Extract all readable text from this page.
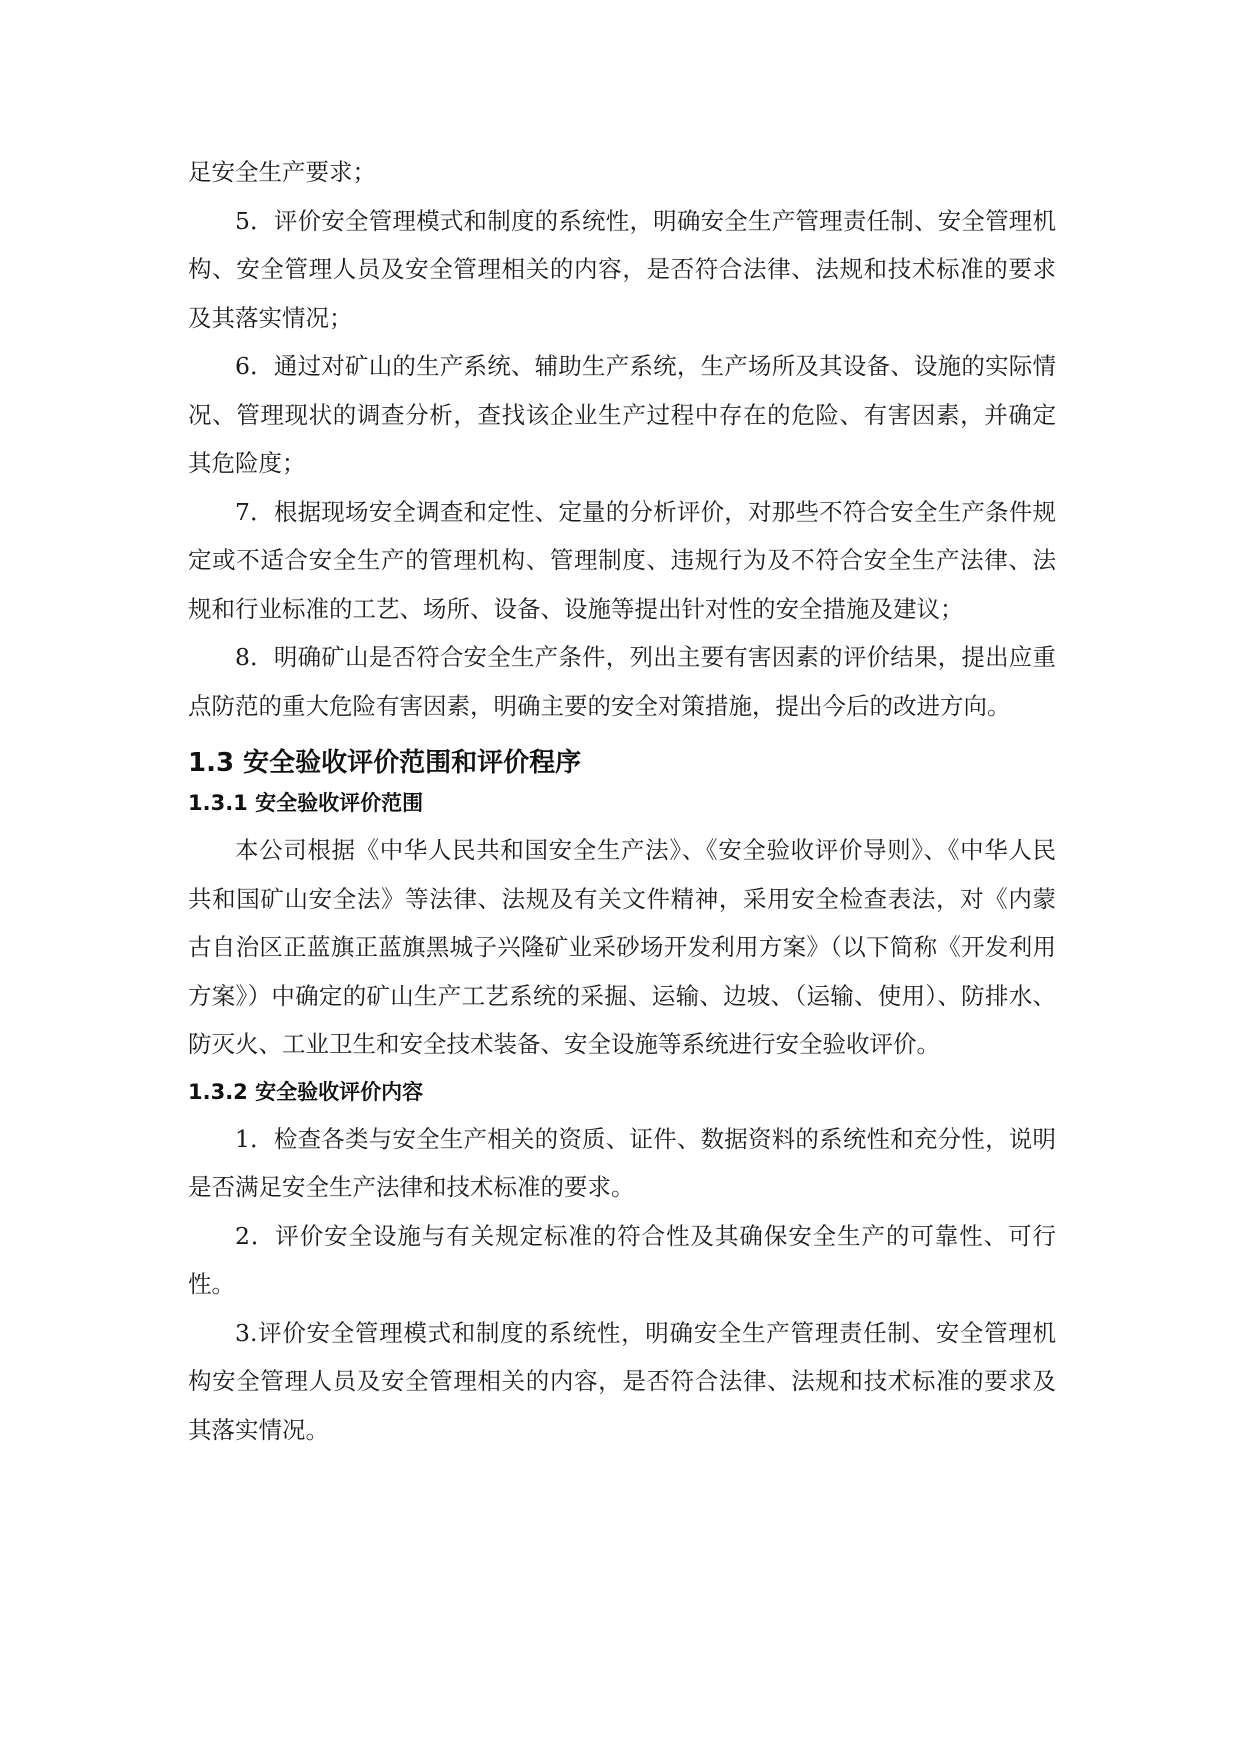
足安全生产要求；

5．评价安全管理模式和制度的系统性，明确安全生产管理责任制、安全管理机构、安全管理人员及安全管理相关的内容，是否符合法律、法规和技术标准的要求及其落实情况；

6．通过对矿山的生产系统、辅助生产系统，生产场所及其设备、设施的实际情况、管理现状的调查分析，查找该企业生产过程中存在的危险、有害因素，并确定其危险度；

7．根据现场安全调查和定性、定量的分析评价，对那些不符合安全生产条件规定或不适合安全生产的管理机构、管理制度、违规行为及不符合安全生产法律、法规和行业标准的工艺、场所、设备、设施等提出针对性的安全措施及建议；

8．明确矿山是否符合安全生产条件，列出主要有害因素的评价结果，提出应重点防范的重大危险有害因素，明确主要的安全对策措施，提出今后的改进方向。

1.3 安全验收评价范围和评价程序
1.3.1 安全验收评价范围

本公司根据《中华人民共和国安全生产法》、《安全验收评价导则》、《中华人民共和国矿山安全法》等法律、法规及有关文件精神，采用安全检查表法，对《内蒙古自治区正蓝旗正蓝旗黑城子兴隆矿业采砂场开发利用方案》（以下简称《开发利用方案》）中确定的矿山生产工艺系统的采掘、运输、边坡、（运输、使用）、防排水、防灭火、工业卫生和安全技术装备、安全设施等系统进行安全验收评价。

1.3.2 安全验收评价内容

1．检查各类与安全生产相关的资质、证件、数据资料的系统性和充分性，说明是否满足安全生产法律和技术标准的要求。

2．评价安全设施与有关规定标准的符合性及其确保安全生产的可靠性、可行性。

3.评价安全管理模式和制度的系统性，明确安全生产管理责任制、安全管理机构安全管理人员及安全管理相关的内容，是否符合法律、法规和技术标准的要求及其落实情况。
